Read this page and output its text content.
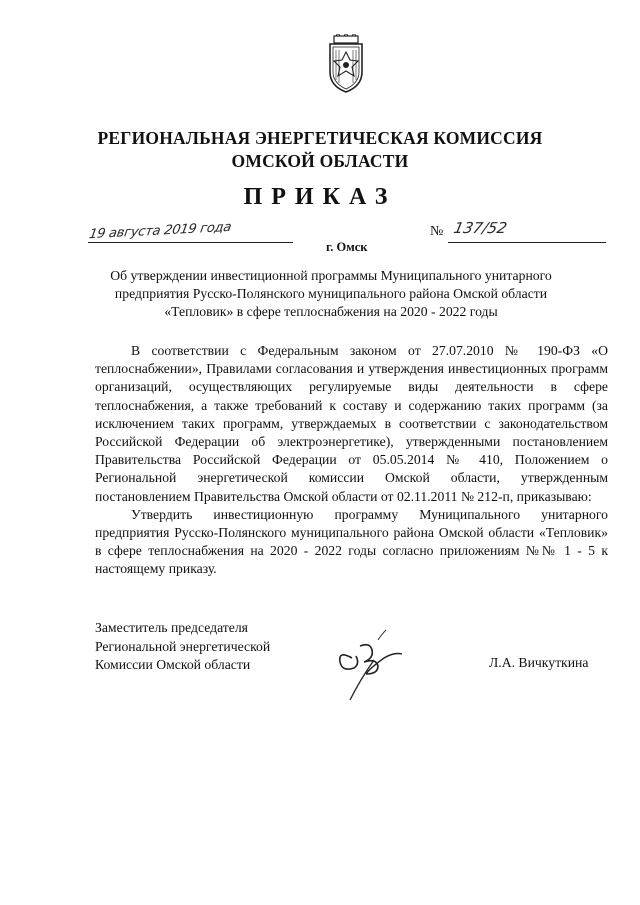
РЕГИОНАЛЬНАЯ ЭНЕРГЕТИЧЕСКАЯ КОМИССИЯ
ОМСКОЙ ОБЛАСТИ
ПРИКАЗ
19 августа 2019 года
г. Омск
№ 137/52
Об утверждении инвестиционной программы Муниципального унитарного
предприятия Русско-Полянского муниципального района Омской области
«Тепловик» в сфере теплоснабжения на 2020 - 2022 годы

В соответствии с Федеральным законом от 27.07.2010 № 190-ФЗ «О теплоснабжении», Правилами согласования и утверждения инвестиционных программ организаций, осуществляющих регулируемые виды деятельности в сфере теплоснабжения, а также требований к составу и содержанию таких программ (за исключением таких программ, утверждаемых в соответствии с законодательством Российской Федерации об электроэнергетике), утвержденными постановлением Правительства Российской Федерации от 05.05.2014 № 410, Положением о Региональной энергетической комиссии Омской области, утвержденным постановлением Правительства Омской области от 02.11.2011 № 212-п, приказываю:

Утвердить инвестиционную программу Муниципального унитарного предприятия Русско-Полянского муниципального района Омской области «Тепловик» в сфере теплоснабжения на 2020 - 2022 годы согласно приложениям №№ 1 - 5 к настоящему приказу.

Заместитель председателя
Региональной энергетической
Комиссии Омской области	Л.А. Вичкуткина
